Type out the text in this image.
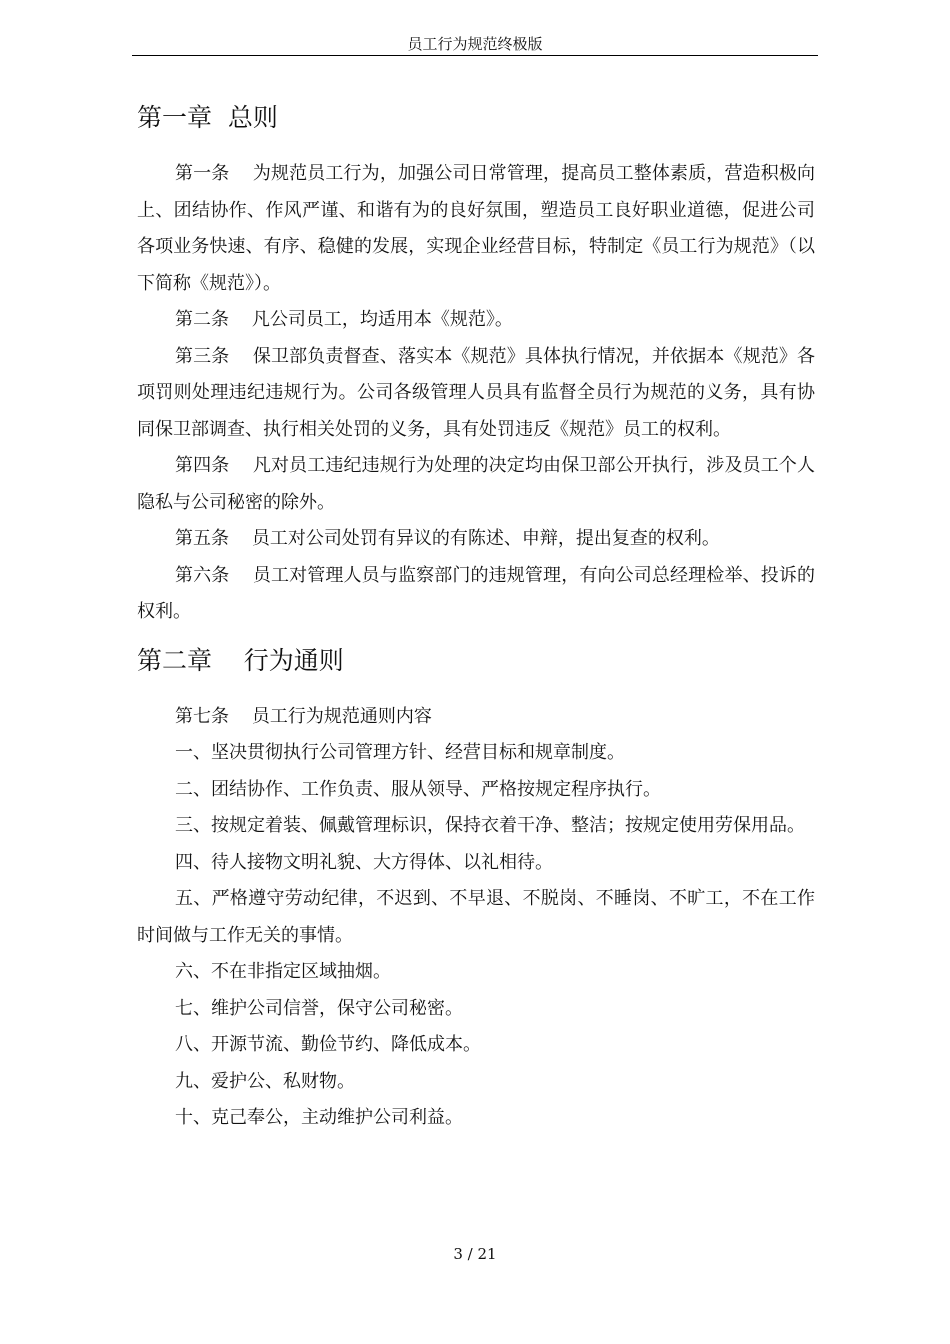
员工行为规范终极版
第一章  总则

第一条    为规范员工行为，加强公司日常管理，提高员工整体素质，营造积极向上、团结协作、作风严谨、和谐有为的良好氛围，塑造员工良好职业道德，促进公司各项业务快速、有序、稳健的发展，实现企业经营目标，特制定《员工行为规范》（以下简称《规范》）。

第二条    凡公司员工，均适用本《规范》。

第三条    保卫部负责督查、落实本《规范》具体执行情况，并依据本《规范》各项罚则处理违纪违规行为。公司各级管理人员具有监督全员行为规范的义务，具有协同保卫部调查、执行相关处罚的义务，具有处罚违反《规范》员工的权利。

第四条    凡对员工违纪违规行为处理的决定均由保卫部公开执行，涉及员工个人隐私与公司秘密的除外。

第五条    员工对公司处罚有异议的有陈述、申辩，提出复查的权利。

第六条    员工对管理人员与监察部门的违规管理，有向公司总经理检举、投诉的权利。

第二章    行为通则

第七条    员工行为规范通则内容

一、坚决贯彻执行公司管理方针、经营目标和规章制度。

二、团结协作、工作负责、服从领导、严格按规定程序执行。

三、按规定着装、佩戴管理标识，保持衣着干净、整洁；按规定使用劳保用品。

四、待人接物文明礼貌、大方得体、以礼相待。

五、严格遵守劳动纪律，不迟到、不早退、不脱岗、不睡岗、不旷工，不在工作时间做与工作无关的事情。

六、不在非指定区域抽烟。

七、维护公司信誉，保守公司秘密。

八、开源节流、勤俭节约、降低成本。

九、爱护公、私财物。

十、克己奉公，主动维护公司利益。

3 / 21
